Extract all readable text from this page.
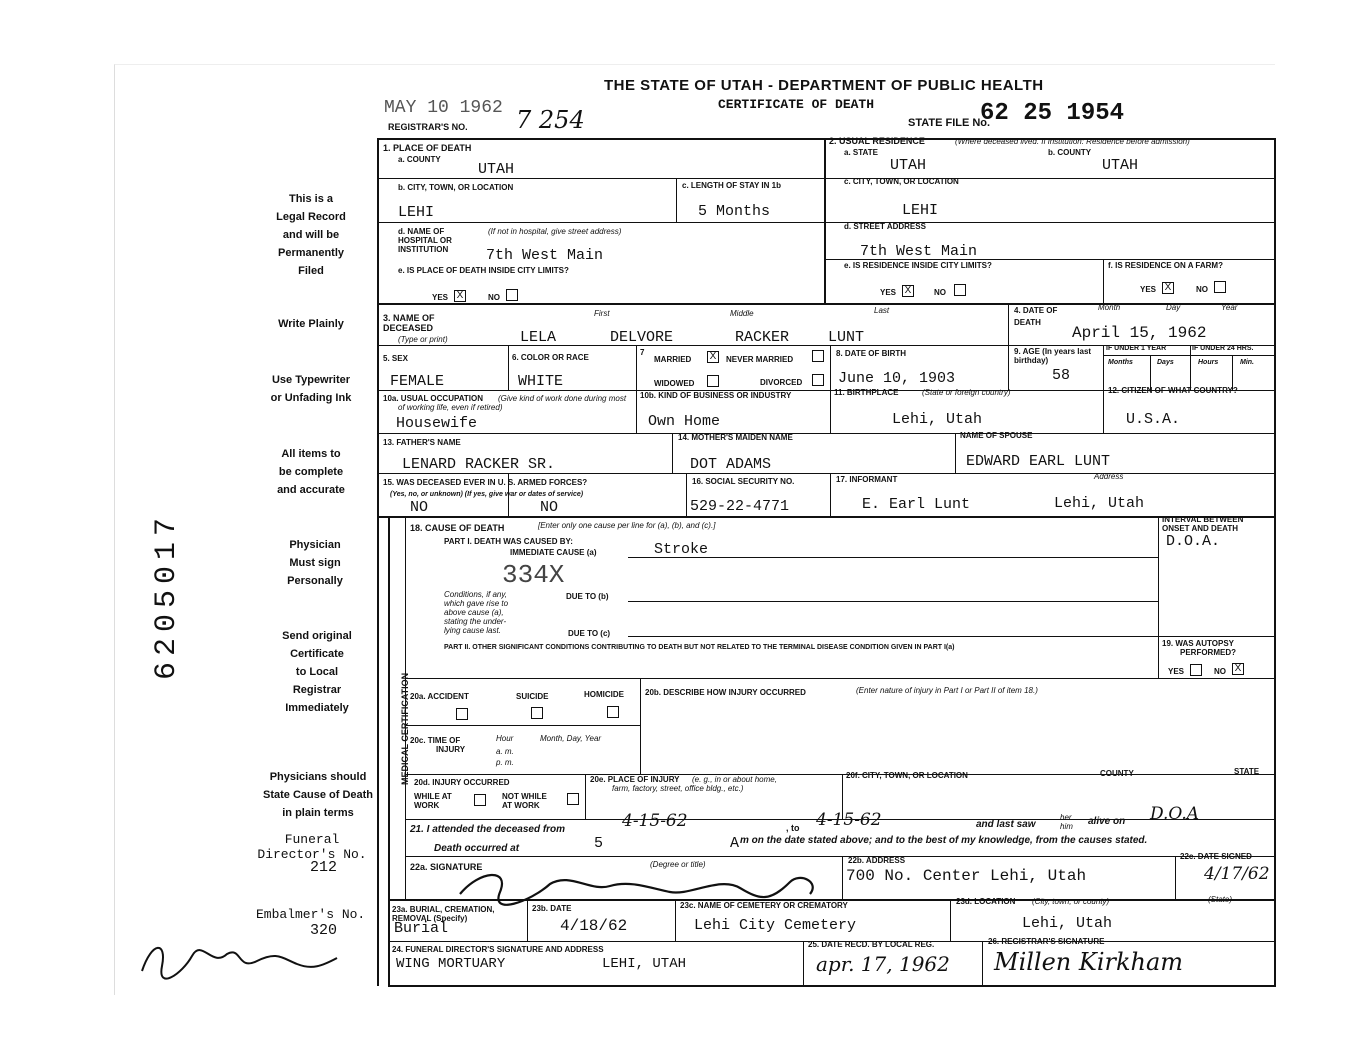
THE STATE OF UTAH - DEPARTMENT OF PUBLIC HEALTH
CERTIFICATE OF DEATH
MAY 10 1962
REGISTRAR'S NO. 7 254	STATE FILE No.
62 25 1954
This is a
Legal Record
and will be
Permanently
Filed
Write Plainly
Use Typewriter
or Unfading Ink
All items to
be complete
and accurate
Physician
Must sign
Personally
Send original
Certificate
to Local
Registrar
Immediately
Physicians should
State Cause of Death
in plain terms
Funeral
Director's No.
212
Embalmer's No.
320
1. PLACE OF DEATH
a. COUNTY
UTAH
b. CITY, TOWN, OR LOCATION
LEHI
c. LENGTH OF STAY IN 1b
5 Months
d. NAME OF HOSPITAL OR INSTITUTION
(If not in hospital, give street address)
7th West Main
e. IS PLACE OF DEATH INSIDE CITY LIMITS?
YES X	NO
2. USUAL RESIDENCE	(Where deceased lived. If institution: Residence before admission)
a. STATE	b. COUNTY
UTAH	UTAH
c. CITY, TOWN, OR LOCATION
LEHI
d. STREET ADDRESS
7th West Main
e. IS RESIDENCE INSIDE CITY LIMITS?
YES X	NO
f. IS RESIDENCE ON A FARM?
YES X	NO
3. NAME OF DECEASED
(Type or print)
First	Middle	Last
LELA	DELVORE	RACKER	LUNT
4. DATE OF DEATH
Month	Day	Year
April 15, 1962
5. SEX
FEMALE
6. COLOR OR RACE
WHITE
7
MARRIED X	NEVER MARRIED
WIDOWED	DIVORCED
8. DATE OF BIRTH
June 10, 1903
9. AGE (In years last birthday)
58
IF UNDER 1 YEAR	IF UNDER 24 HRS.
Months	Days	Hours	Min.
10a. USUAL OCCUPATION	(Give kind of work done during most of working life, even if retired)
Housewife
10b. KIND OF BUSINESS OR INDUSTRY
Own Home
11. BIRTHPLACE	(State or foreign country)
Lehi, Utah
12. CITIZEN OF WHAT COUNTRY?
U.S.A.
13. FATHER'S NAME
LENARD RACKER SR.
14. MOTHER'S MAIDEN NAME
DOT ADAMS
NAME OF SPOUSE
EDWARD EARL LUNT
15. WAS DECEASED EVER IN U. S. ARMED FORCES?
(Yes, no, or unknown) (If yes, give war or dates of service)
NO	NO
16. SOCIAL SECURITY NO.
529-22-4771
17. INFORMANT	Address
E. Earl Lunt	Lehi, Utah
MEDICAL CERTIFICATION
18. CAUSE OF DEATH	[Enter only one cause per line for (a), (b), and (c).]
PART I. DEATH WAS CAUSED BY:
IMMEDIATE CAUSE (a)	Stroke
334X
Conditions, if any,
which gave rise to
above cause (a),
stating the under-
lying cause last.
DUE TO (b)
DUE TO (c)
PART II. OTHER SIGNIFICANT CONDITIONS CONTRIBUTING TO DEATH BUT NOT RELATED TO THE TERMINAL DISEASE CONDITION GIVEN IN PART I(a)
INTERVAL BETWEEN
ONSET AND DEATH
D.O.A.
19. WAS AUTOPSY
PERFORMED?
YES	NO X
20a. ACCIDENT	SUICIDE	HOMICIDE	20b. DESCRIBE HOW INJURY OCCURRED	(Enter nature of injury in Part I or Part II of item 18.)
20c. TIME OF
INJURY
Hour	Month, Day, Year
a. m.
p. m.
20d. INJURY OCCURRED
WHILE AT
WORK
NOT WHILE
AT WORK
20e. PLACE OF INJURY	(e. g., in or about home,
farm, factory, street, office bldg., etc.)
20f. CITY, TOWN, OR LOCATION	COUNTY	STATE
21. I attended the deceased from	4-15-62	, to 4-15-62	and last saw
her
him alive on D.O.A
Death occurred at	5	A m on the date stated above; and to the best of my knowledge, from the causes stated.
22a. SIGNATURE	(Degree or title)	22b. ADDRESS
700 No. Center Lehi, Utah
22c. DATE SIGNED
4/17/62
23a. BURIAL, CREMATION,
REMOVAL (Specify)
Burial
23b. DATE
4/18/62
23c. NAME OF CEMETERY OR CREMATORY
Lehi City Cemetery
23d. LOCATION (City, town, or county)	(State)
Lehi, Utah
24. FUNERAL DIRECTOR'S SIGNATURE AND ADDRESS
WING MORTUARY	LEHI, UTAH
25. DATE RECD. BY LOCAL REG.
apr. 17, 1962
26. REGISTRAR'S SIGNATURE
Millen Kirkham
